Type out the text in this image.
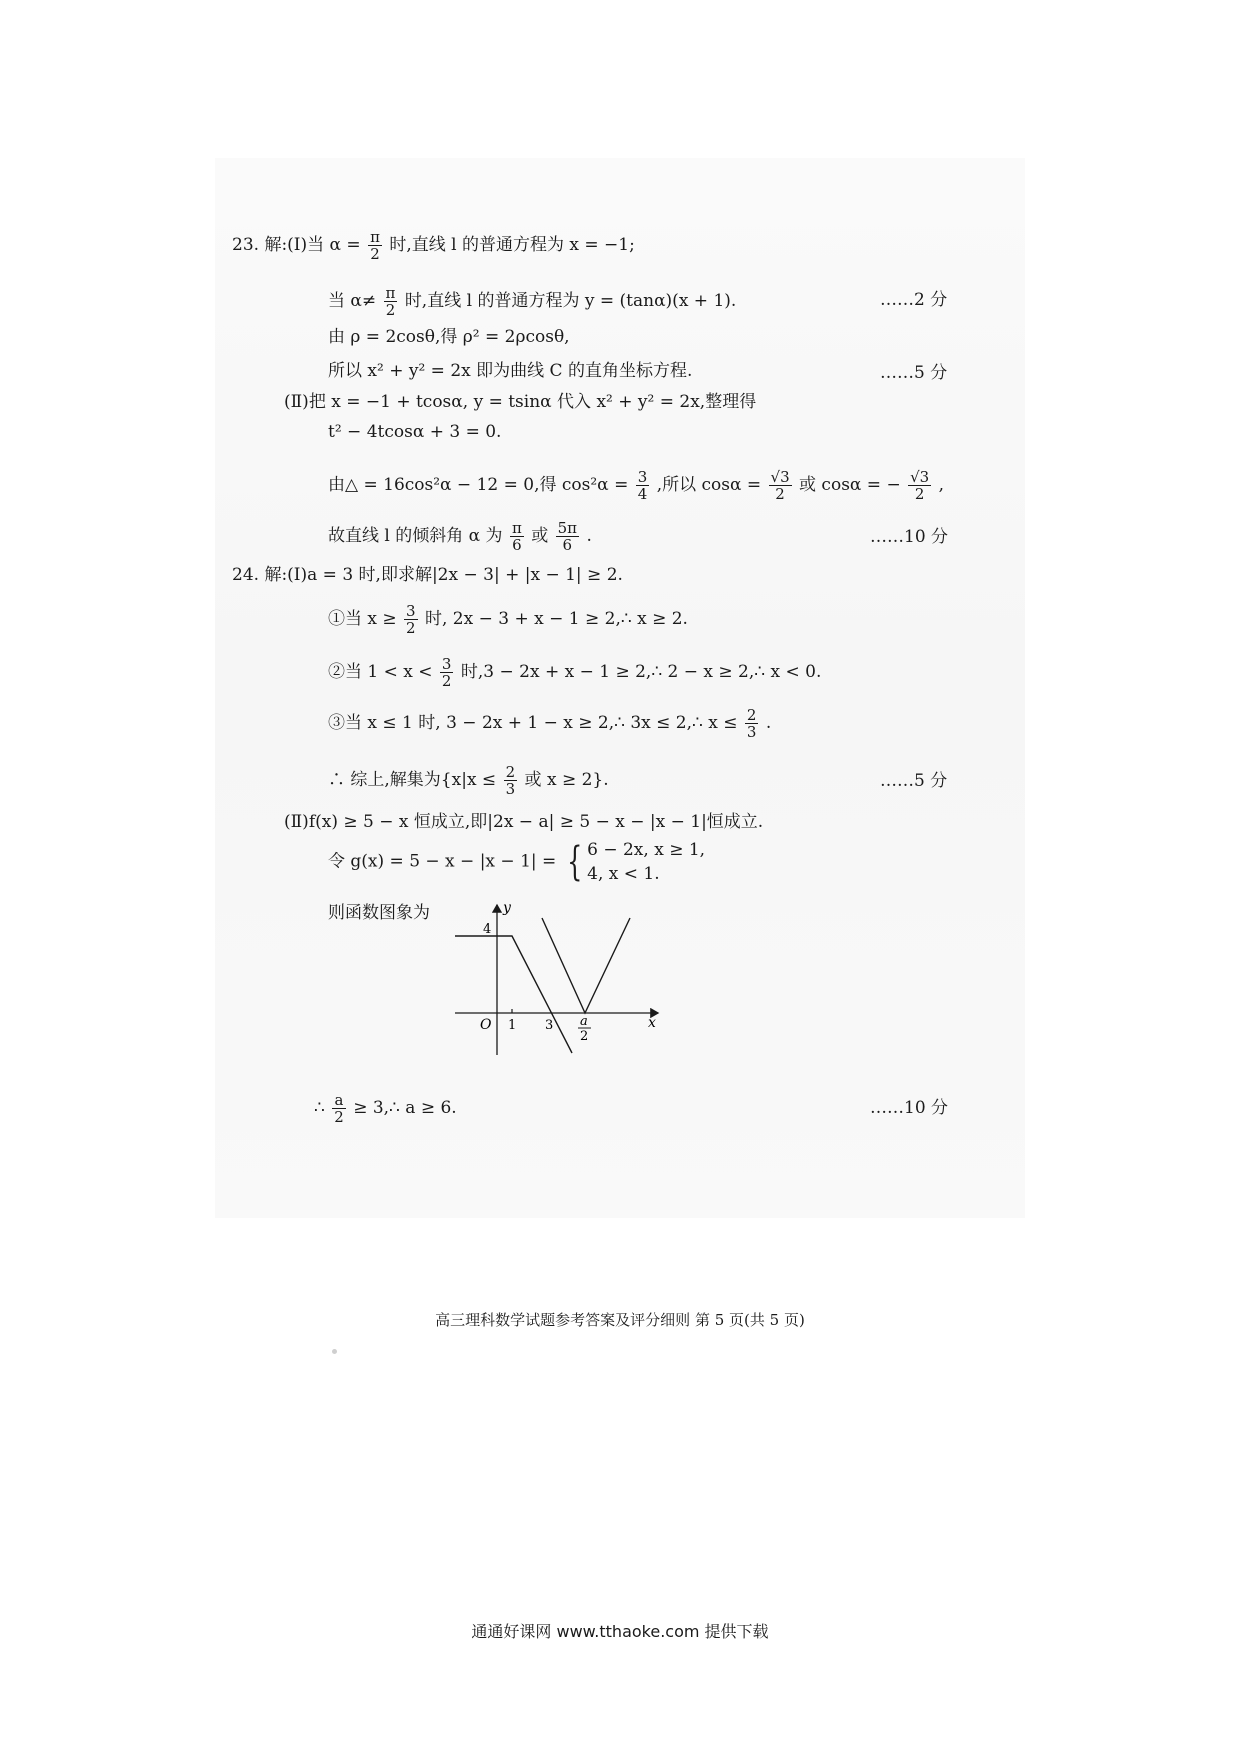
23. 解:(Ⅰ)当 $\alpha = \frac{\pi}{2}$ 时,直线 l 的普通方程为 x = −1;
当 $\alpha\ne \frac{\pi}{2}$ 时,直线 l 的普通方程为 y = (tanα)(x + 1).	……2 分
由 ρ = 2cosθ,得 ρ² = 2ρcosθ,
所以 x² + y² = 2x 即为曲线 C 的直角坐标方程.	……5 分
(Ⅱ)把 x = −1 + tcosα, y = tsinα 代入 x² + y² = 2x,整理得
t² − 4tcosα + 3 = 0.
由△ = 16cos²α − 12 = 0,得 $\cos^2\alpha = \frac{3}{4}$ ,所以 $\cos\alpha = \frac{√3}{2}$ 或 cosα = − $\frac{√3}{2}$ ,
故直线 l 的倾斜角 α 为 $\frac{\pi}{6}$ 或 $\frac{5\pi}{6}$ .	……10 分
24. 解:(Ⅰ)a = 3 时,即求解|2x − 3| + |x − 1| ≥ 2.
①当 $x \ge \frac{3}{2}$ 时, 2x − 3 + x − 1 ≥ 2,∴ x ≥ 2.
②当 $1 < x < \frac{3}{2}$ 时,3 − 2x + x − 1 ≥ 2,∴ 2 − x ≥ 2,∴ x < 0.
③当 x ≤ 1 时, 3 − 2x + 1 − x ≥ 2,∴ 3x ≤ 2,∴ $x \le \frac{2}{3}$ .
∴ 综上,解集为{$x|x \le \frac{2}{3}$ 或 x ≥ 2}.	……5 分
(Ⅱ)f(x) ≥ 5 − x 恒成立,即|2x − a| ≥ 5 − x − |x − 1|恒成立.
令 g(x) = 5 − x − |x − 1| = { 6 − 2x, x ≥ 1,
4, x < 1.
则函数图象为	y
4
O 1 3 a
2
x
∴ $\frac{a}{2}$ ≥ 3,∴ a ≥ 6.	……10 分
高三理科数学试题参考答案及评分细则 第 5 页(共 5 页)
通通好课网 www.tthaoke.com 提供下载
